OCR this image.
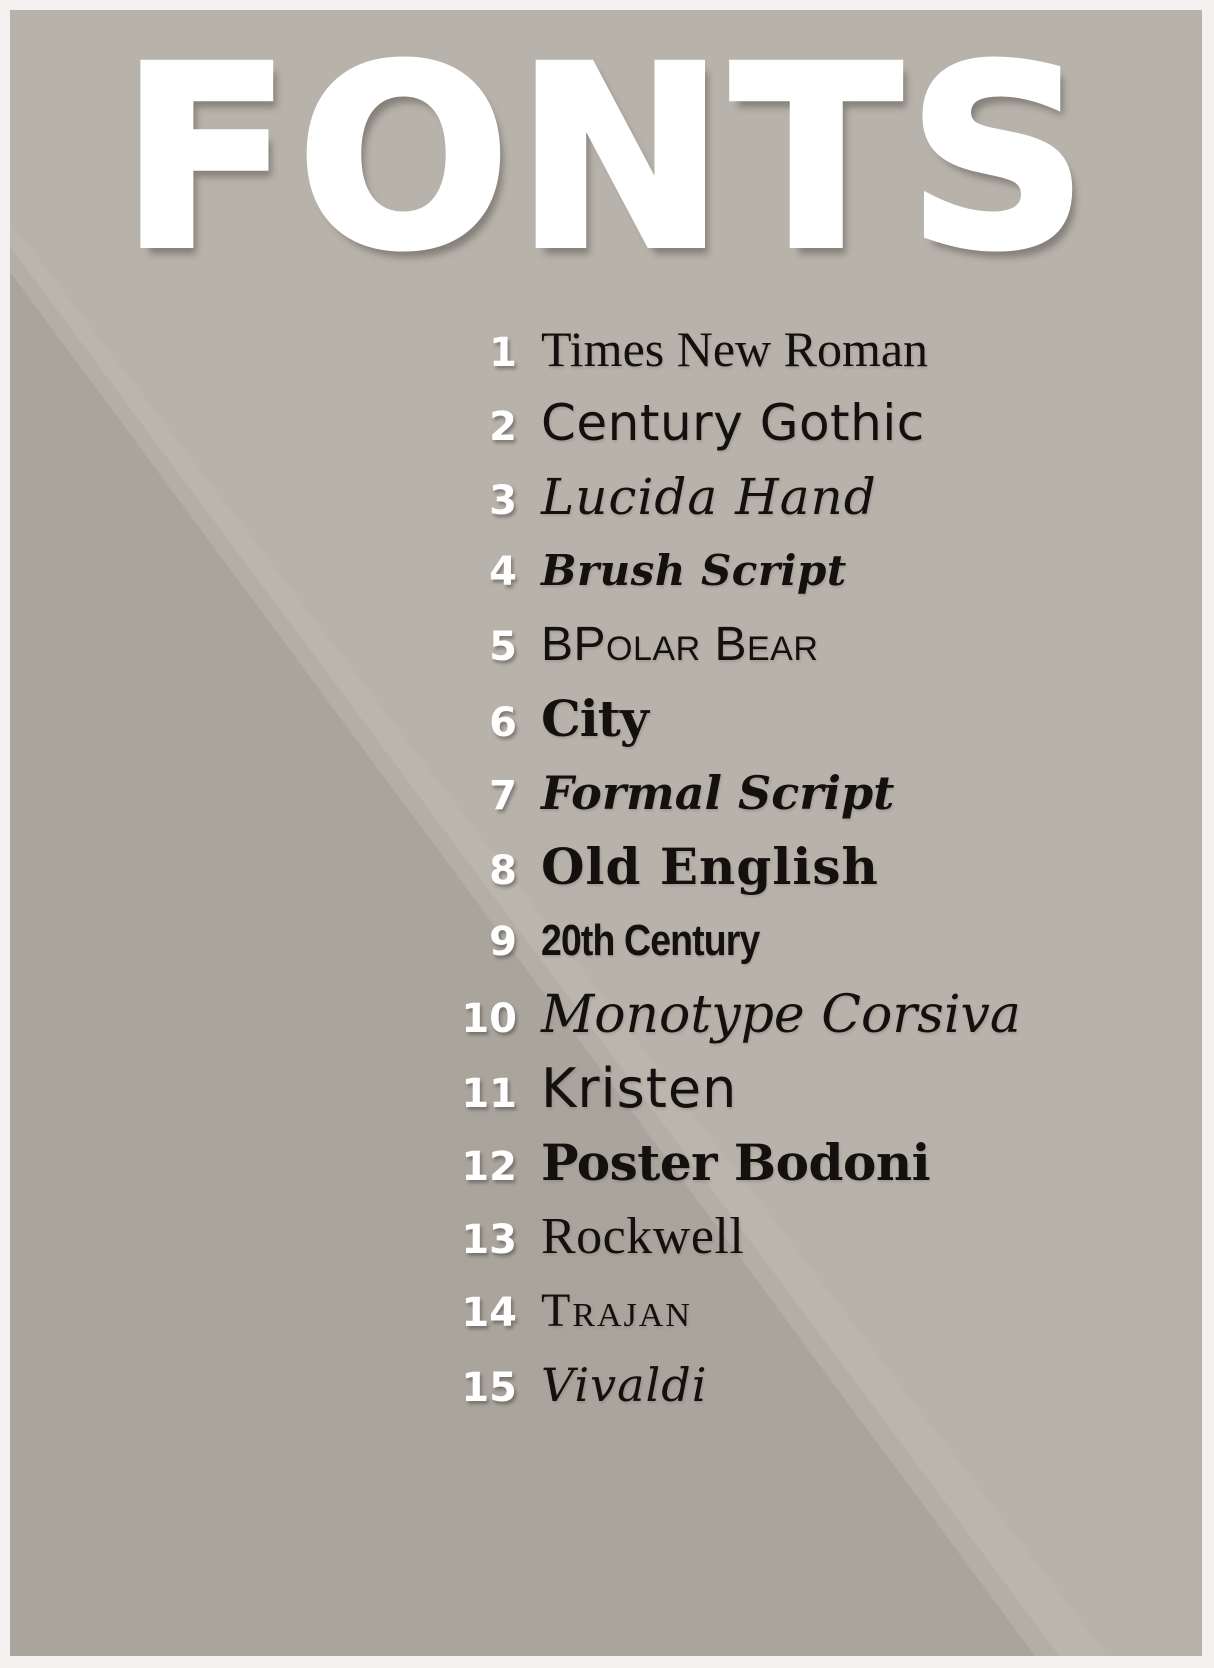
FONTS
1 Times New Roman
2 Century Gothic
3 Lucida Hand
4 Brush Script
5 BPolar Bear
6 City
7 Formal Script
8 Old English
9 20th Century
10 Monotype Corsiva
11 Kristen
12 Poster Bodoni
13 Rockwell
14 Trajan
15 Vivaldi
